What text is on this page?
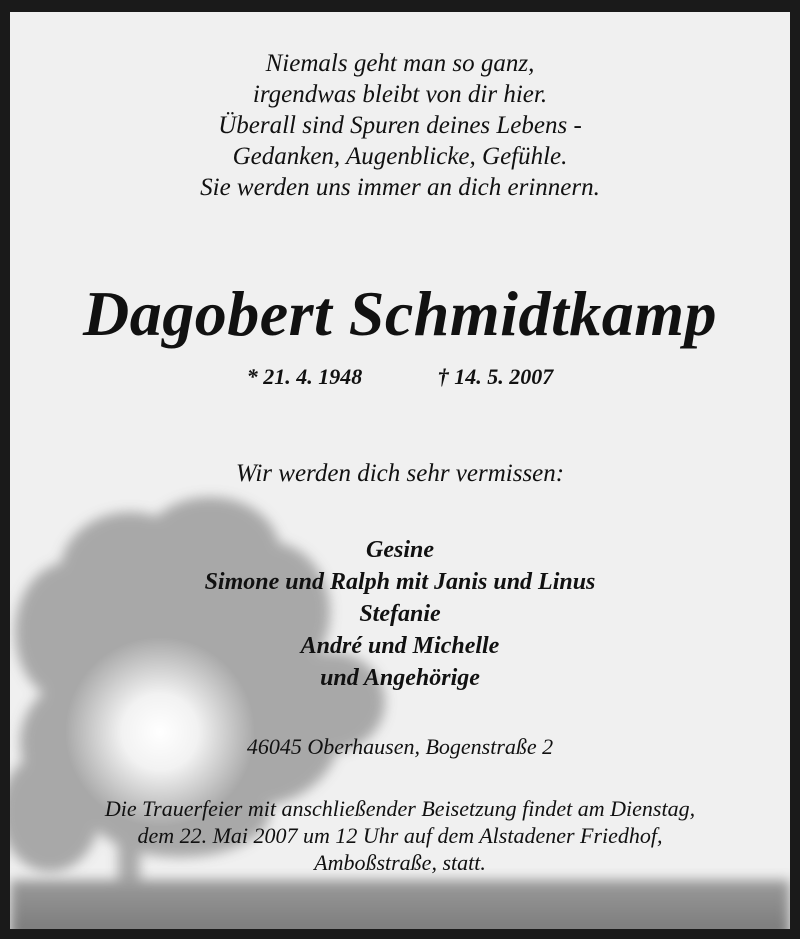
Niemals geht man so ganz,
irgendwas bleibt von dir hier.
Überall sind Spuren deines Lebens -
Gedanken, Augenblicke, Gefühle.
Sie werden uns immer an dich erinnern.
Dagobert Schmidtkamp
* 21. 4. 1948	† 14. 5. 2007
Wir werden dich sehr vermissen:
Gesine
Simone und Ralph mit Janis und Linus
Stefanie
André und Michelle
und Angehörige
46045 Oberhausen, Bogenstraße 2
Die Trauerfeier mit anschließender Beisetzung findet am Dienstag,
dem 22. Mai 2007 um 12 Uhr auf dem Alstadener Friedhof,
Amboßstraße, statt.
